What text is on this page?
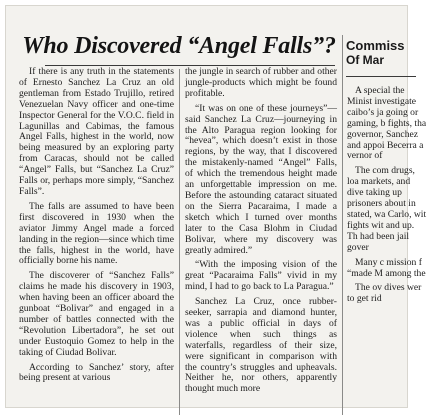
Who Discovered “Angel Falls”?

If there is any truth in the statements of Ernesto Sanchez La Cruz an old gentleman from Estado Trujillo, retired Venezuelan Navy officer and one-time Inspector General for the V.O.C. field in Lagunillas and Cabimas, the famous Angel Falls, highest in the world, now being measured by an exploring party from Caracas, should not be called “Angel” Falls, but “Sanchez La Cruz” Falls or, perhaps more simply, “Sanchez Falls”.

The falls are assumed to have been first discovered in 1930 when the aviator Jimmy Angel made a forced landing in the region—since which time the falls, highest in the world, have officially borne his name.

The discoverer of “Sanchez Falls” claims he made his discovery in 1903, when having been an officer aboard the gunboat “Bolivar” and engaged in a number of battles connected with the “Revolution Libertadora”, he set out under Eustoquio Gomez to help in the taking of Ciudad Bolivar.

According to Sanchez’ story, after being present at various

the jungle in search of rubber and other jungle-products which might be found profitable.

“It was on one of these journeys”—said Sanchez La Cruz—journeying in the Alto Paragua region looking for “hevea”, which doesn’t exist in those regions, by the way, that I discovered the mistakenly-named “Angel” Falls, of which the tremendous height made an unforgettable impression on me. Before the astounding cataract situated on the Sierra Pacaraima, I made a sketch which I turned over months later to the Casa Blohm in Ciudad Bolivar, where my discovery was greatly admired.”

“With the imposing vision of the great “Pacaraima Falls” vivid in my mind, I had to go back to La Paragua.”

Sanchez La Cruz, once rubber-seeker, sarrapia and diamond hunter, was a public official in days of violence when such things as waterfalls, regardless of their size, were significant in comparison with the country’s struggles and upheavals. Neither he, nor others, apparently thought much more

Commiss
Of Mar

A special the Minist investigate caibo’s ja going or gaming, b fights, tha governor, Sanchez and appoi Becerra a vernor of

The com drugs, loa markets, and dive taking up prisoners about in stated, wa Carlo, wit fights wit and up. Th had been jail gover

Many c mission f “made M among the

The ov dives wer to get rid
